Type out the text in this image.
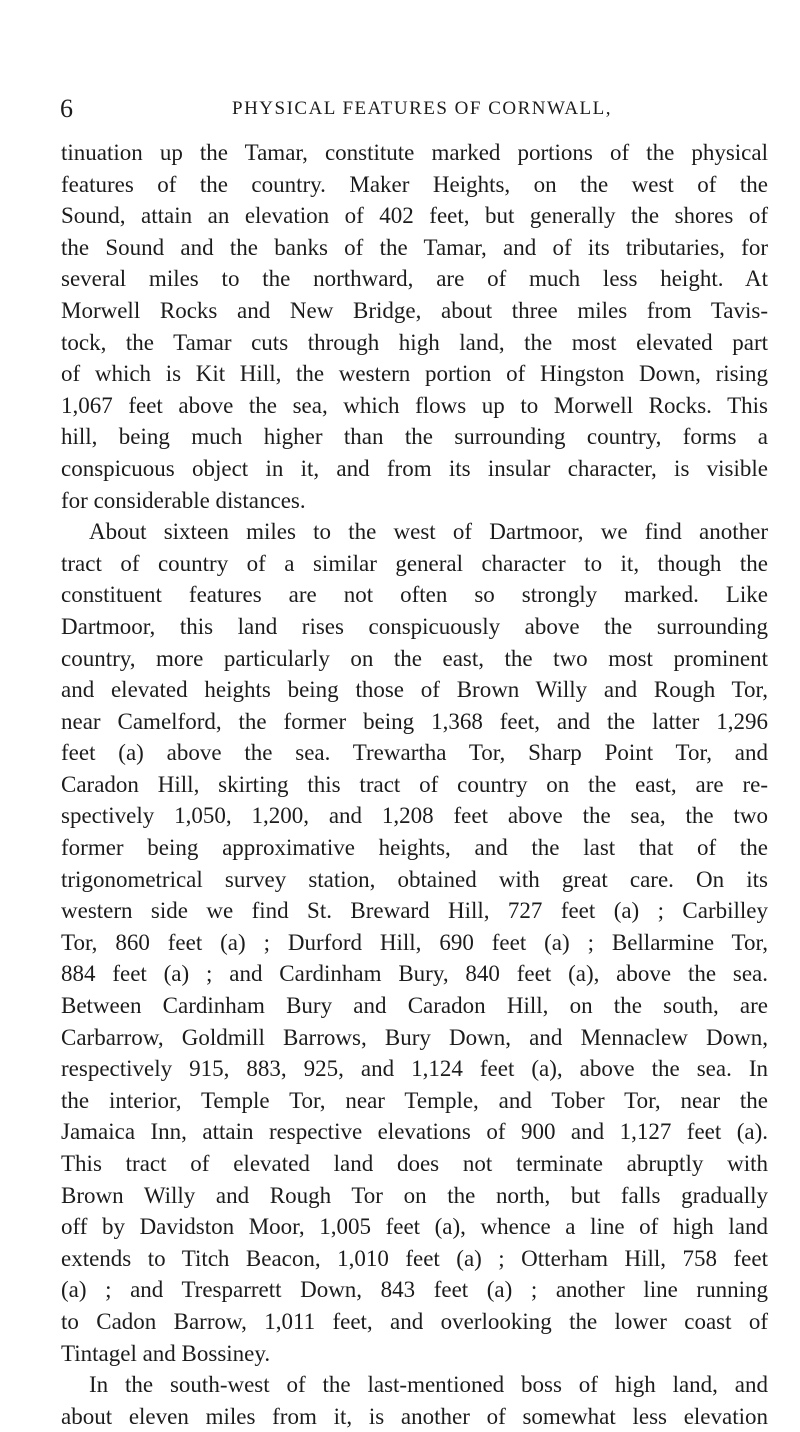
6	PHYSICAL FEATURES OF CORNWALL,
tinuation up the Tamar, constitute marked portions of the physical
features of the country. Maker Heights, on the west of the
Sound, attain an elevation of 402 feet, but generally the shores of
the Sound and the banks of the Tamar, and of its tributaries, for
several miles to the northward, are of much less height. At
Morwell Rocks and New Bridge, about three miles from Tavis-
tock, the Tamar cuts through high land, the most elevated part
of which is Kit Hill, the western portion of Hingston Down, rising
1,067 feet above the sea, which flows up to Morwell Rocks. This
hill, being much higher than the surrounding country, forms a
conspicuous object in it, and from its insular character, is visible
for considerable distances.
About sixteen miles to the west of Dartmoor, we find another
tract of country of a similar general character to it, though the
constituent features are not often so strongly marked. Like
Dartmoor, this land rises conspicuously above the surrounding
country, more particularly on the east, the two most prominent
and elevated heights being those of Brown Willy and Rough Tor,
near Camelford, the former being 1,368 feet, and the latter 1,296
feet (a) above the sea. Trewartha Tor, Sharp Point Tor, and
Caradon Hill, skirting this tract of country on the east, are re-
spectively 1,050, 1,200, and 1,208 feet above the sea, the two
former being approximative heights, and the last that of the
trigonometrical survey station, obtained with great care. On its
western side we find St. Breward Hill, 727 feet (a) ; Carbilley
Tor, 860 feet (a) ; Durford Hill, 690 feet (a) ; Bellarmine Tor,
884 feet (a) ; and Cardinham Bury, 840 feet (a), above the sea.
Between Cardinham Bury and Caradon Hill, on the south, are
Carbarrow, Goldmill Barrows, Bury Down, and Mennaclew Down,
respectively 915, 883, 925, and 1,124 feet (a), above the sea. In
the interior, Temple Tor, near Temple, and Tober Tor, near the
Jamaica Inn, attain respective elevations of 900 and 1,127 feet (a).
This tract of elevated land does not terminate abruptly with
Brown Willy and Rough Tor on the north, but falls gradually
off by Davidston Moor, 1,005 feet (a), whence a line of high land
extends to Titch Beacon, 1,010 feet (a) ; Otterham Hill, 758 feet
(a) ; and Tresparrett Down, 843 feet (a) ; another line running
to Cadon Barrow, 1,011 feet, and overlooking the lower coast of
Tintagel and Bossiney.
In the south-west of the last-mentioned boss of high land, and
about eleven miles from it, is another of somewhat less elevation
